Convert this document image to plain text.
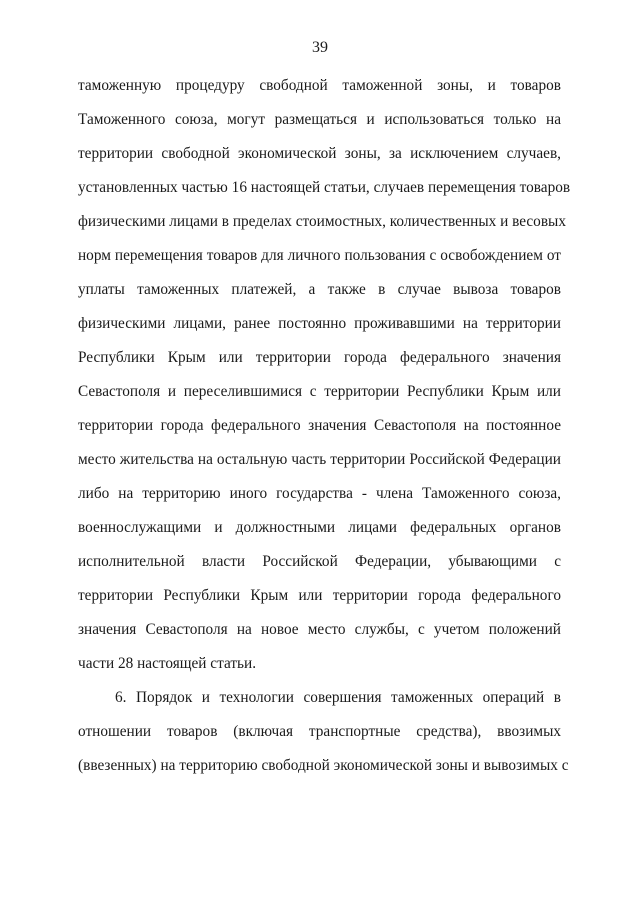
39
таможенную процедуру свободной таможенной зоны, и товаров
Таможенного союза, могут размещаться и использоваться только на
территории свободной экономической зоны, за исключением случаев,
установленных частью 16 настоящей статьи, случаев перемещения товаров
физическими лицами в пределах стоимостных, количественных и весовых
норм перемещения товаров для личного пользования с освобождением от
уплаты таможенных платежей, а также в случае вывоза товаров
физическими лицами, ранее постоянно проживавшими на территории
Республики Крым или территории города федерального значения
Севастополя и переселившимися с территории Республики Крым или
территории города федерального значения Севастополя на постоянное
место жительства на остальную часть территории Российской Федерации
либо на территорию иного государства - члена Таможенного союза,
военнослужащими и должностными лицами федеральных органов
исполнительной власти Российской Федерации, убывающими с
территории Республики Крым или территории города федерального
значения Севастополя на новое место службы, с учетом положений
части 28 настоящей статьи.
6. Порядок и технологии совершения таможенных операций в
отношении товаров (включая транспортные средства), ввозимых
(ввезенных) на территорию свободной экономической зоны и вывозимых с
